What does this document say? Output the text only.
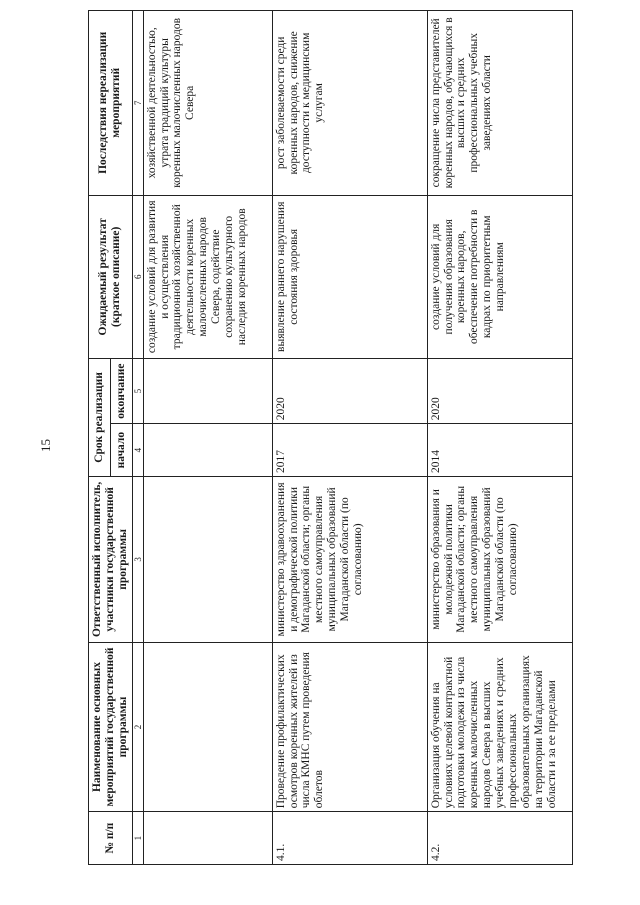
15
№ п/п	Наименование основных мероприятий государственной программы	Ответственный исполнитель, участники государственной программы	Срок реализации		Ожидаемый результат (краткое описание)	Последствия нереализации мероприятий
			начало	окончание		
1	2	3	4	5	6	7
					создание условий для развития и осуществления традиционной хозяйственной деятельности коренных малочисленных народов Севера, содействие сохранению культурного наследия коренных народов	хозяйственной деятельностью, утрата традиций культуры коренных малочисленных народов Севера
4.1.	Проведение профилактических осмотров коренных жителей из числа КМНС путем проведения облетов	министерство здравоохранения и демографической политики Магаданской области; органы местного самоуправления муниципальных образований Магаданской области (по согласованию)	2017	2020	выявление раннего нарушения состояния здоровья	рост заболеваемости среди коренных народов, снижение доступности к медицинским услугам
4.2.	Организация обучения на условиях целевой контрактной подготовки молодежи из числа коренных малочисленных народов Севера в высших учебных заведениях и средних профессиональных образовательных организациях на территории Магаданской области и за ее пределами	министерство образования и молодежной политики Магаданской области; органы местного самоуправления муниципальных образований Магаданской области (по согласованию)	2014	2020	создание условий для получения образования коренных народов, обеспечение потребности в кадрах по приоритетным направлениям	сокращение числа представителей коренных народов, обучающихся в высших и средних профессиональных учебных заведениях области
